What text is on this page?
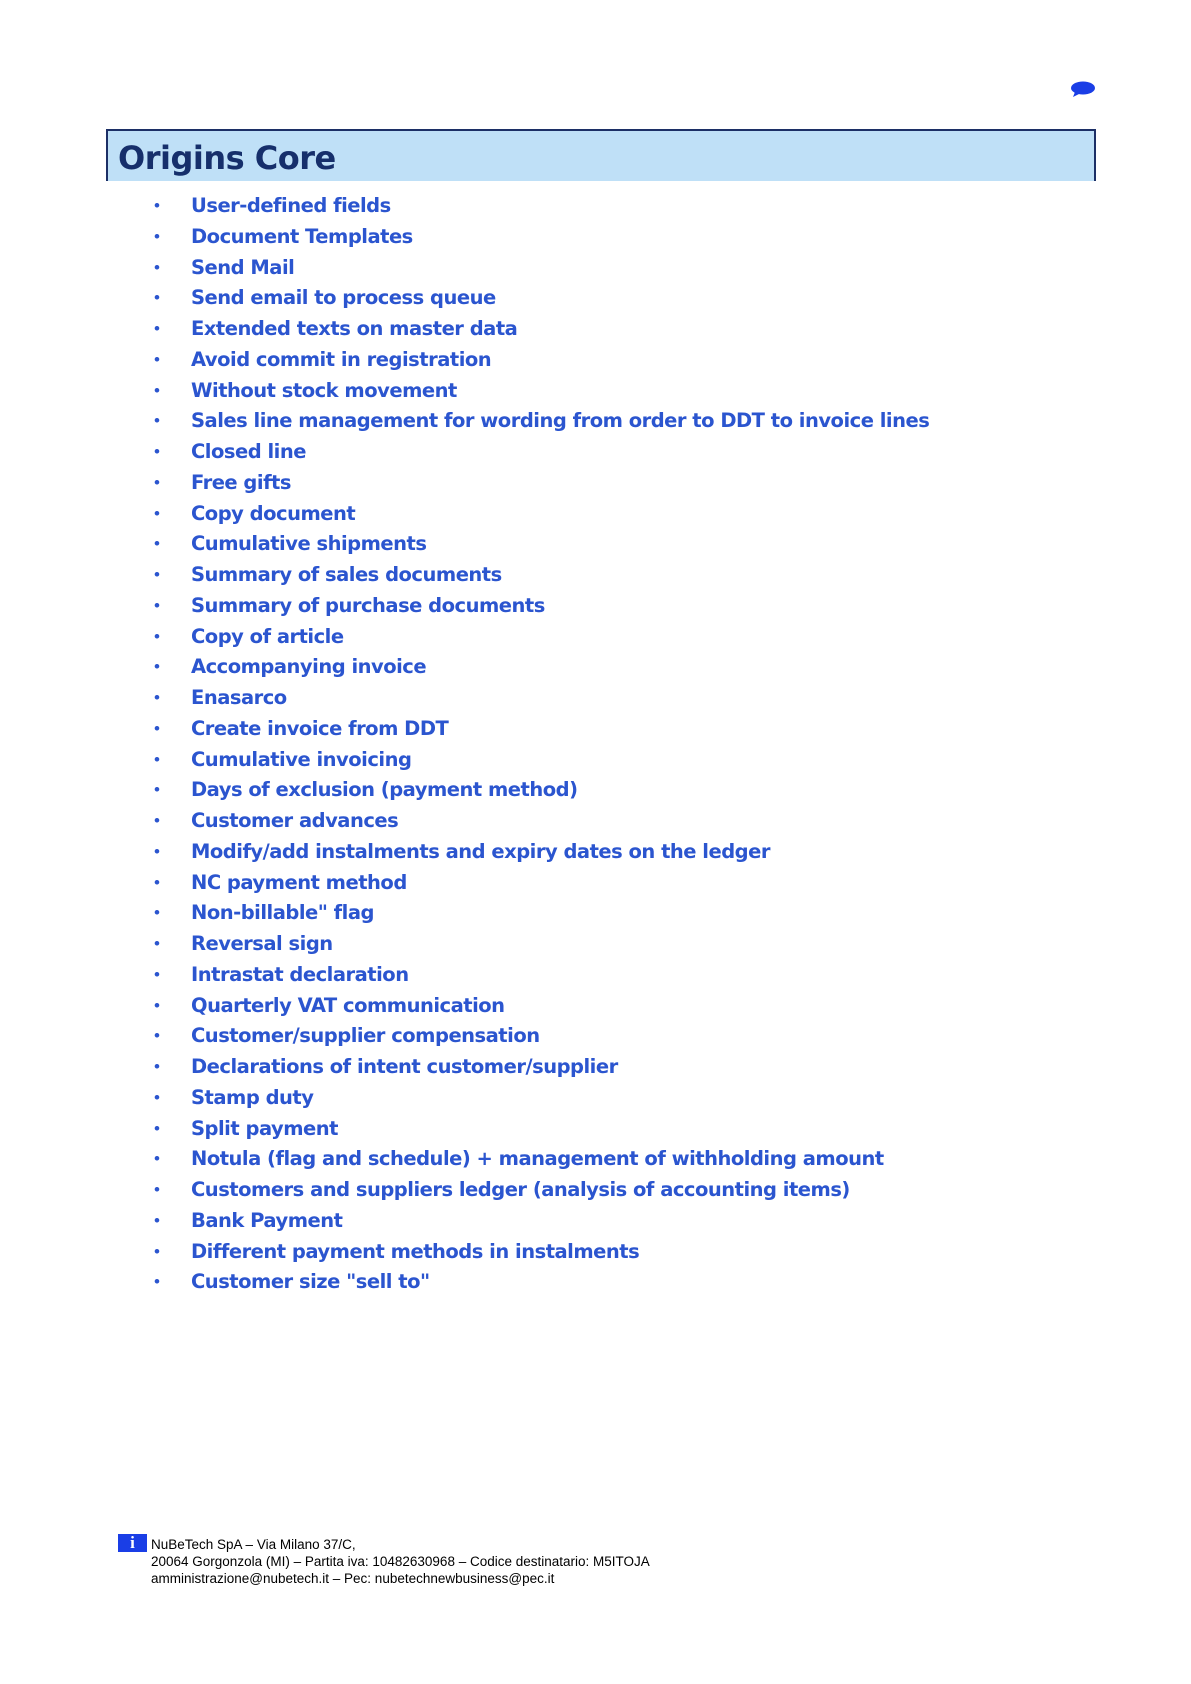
Origins Core
• User-defined fields
• Document Templates
• Send Mail
• Send email to process queue
• Extended texts on master data
• Avoid commit in registration
• Without stock movement
• Sales line management for wording from order to DDT to invoice lines
• Closed line
• Free gifts
• Copy document
• Cumulative shipments
• Summary of sales documents
• Summary of purchase documents
• Copy of article
• Accompanying invoice
• Enasarco
• Create invoice from DDT
• Cumulative invoicing
• Days of exclusion (payment method)
• Customer advances
• Modify/add instalments and expiry dates on the ledger
• NC payment method
• Non-billable" flag
• Reversal sign
• Intrastat declaration
• Quarterly VAT communication
• Customer/supplier compensation
• Declarations of intent customer/supplier
• Stamp duty
• Split payment
• Notula (flag and schedule) + management of withholding amount
• Customers and suppliers ledger (analysis of accounting items)
• Bank Payment
• Different payment methods in instalments
• Customer size "sell to"
i	NuBeTech SpA – Via Milano 37/C,
20064 Gorgonzola (MI) – Partita iva: 10482630968 – Codice destinatario: M5ITOJA
amministrazione@nubetech.it – Pec: nubetechnewbusiness@pec.it
